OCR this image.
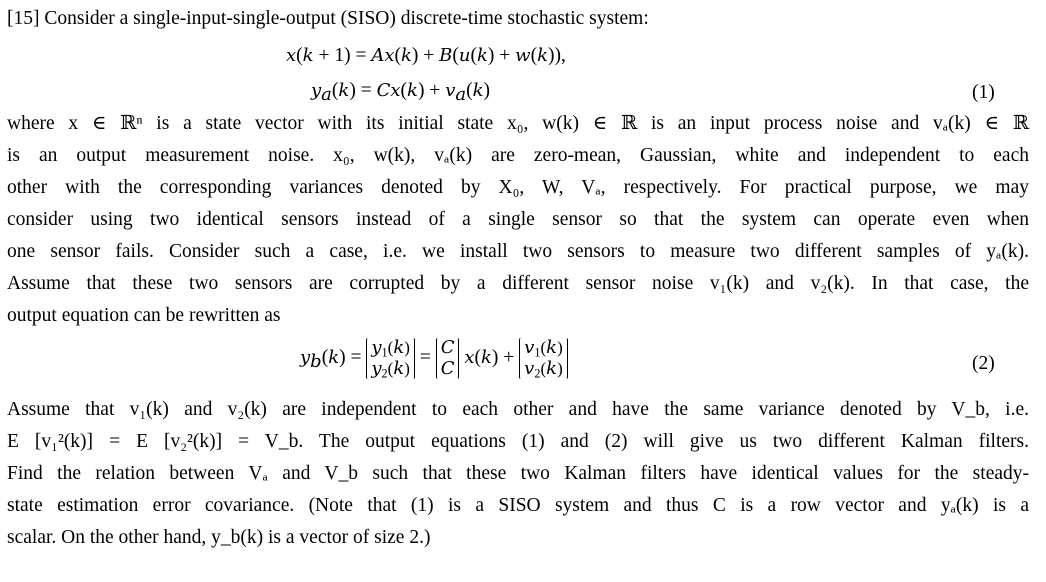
[15] Consider a single-input-single-output (SISO) discrete-time stochastic system:
x(k + 1) = Ax(k) + B(u(k) + w(k)),
$y_a(k) = Cx(k) + v_a(k)$	(1)
where x ∈ ℝⁿ is a state vector with its initial state x₀, w(k) ∈ ℝ is an input process noise and vₐ(k) ∈ ℝ
is an output measurement noise. x₀, w(k), vₐ(k) are zero-mean, Gaussian, white and independent to each
other with the corresponding variances denoted by X₀, W, Vₐ, respectively. For practical purpose, we may
consider using two identical sensors instead of a single sensor so that the system can operate even when
one sensor fails. Consider such a case, i.e. we install two sensors to measure two different samples of yₐ(k).
Assume that these two sensors are corrupted by a different sensor noise v₁(k) and v₂(k). In that case, the
output equation can be rewritten as
$y_b(k) = y_1(k)$
$y_2(k)$
= C
C
$x(k) + v_1(k)$
$v_2(k)$	(2)
Assume that v₁(k) and v₂(k) are independent to each other and have the same variance denoted by V_b, i.e.
E [v₁²(k)] = E [v₂²(k)] = V_b. The output equations (1) and (2) will give us two different Kalman filters.
Find the relation between Vₐ and V_b such that these two Kalman filters have identical values for the steady-
state estimation error covariance. (Note that (1) is a SISO system and thus C is a row vector and yₐ(k) is a
scalar. On the other hand, y_b(k) is a vector of size 2.)
